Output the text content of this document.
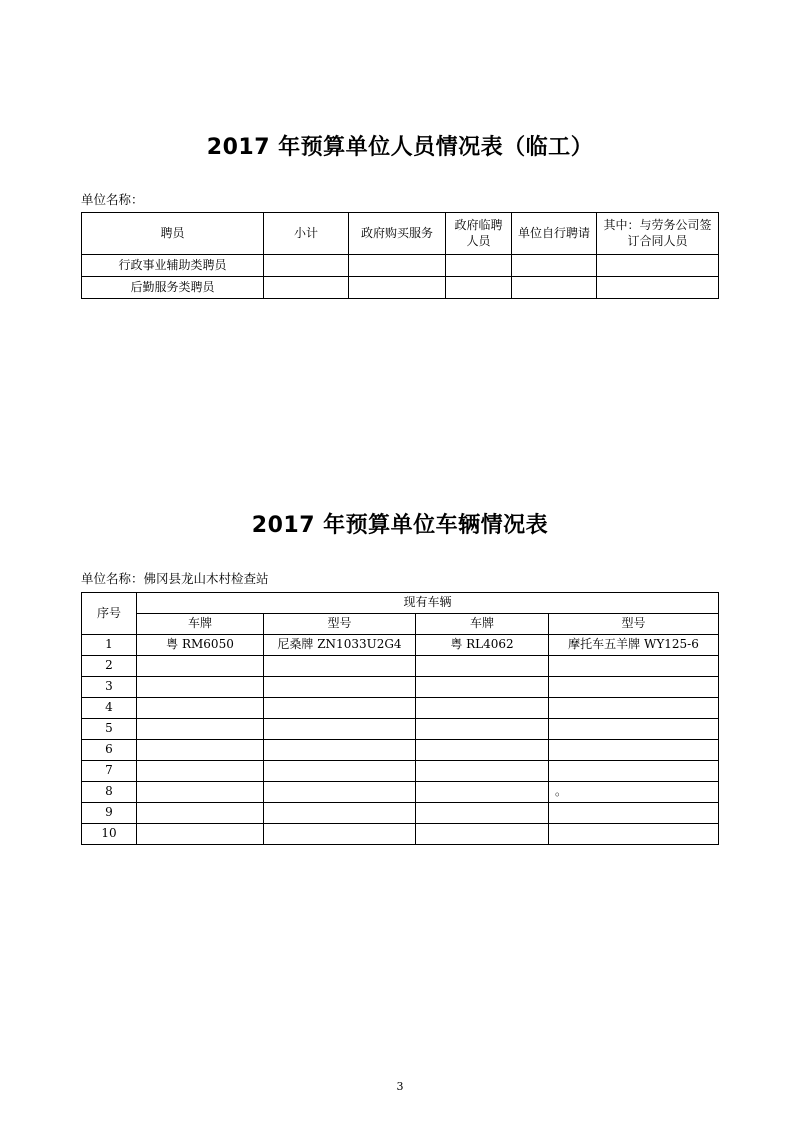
2017 年预算单位人员情况表（临工）
单位名称：
聘员	小计	政府购买服务	政府临聘人员	单位自行聘请	其中：与劳务公司签订合同人员
行政事业辅助类聘员					
后勤服务类聘员					
2017 年预算单位车辆情况表
单位名称：佛冈县龙山木村检查站
序号	现有车辆			
	车牌	型号	车牌	型号
1	粤 RM6050	尼桑牌 ZN1033U2G4	粤 RL4062	摩托车五羊牌 WY125-6
2				
3				
4				
5				
6				
7				
8				。
9				
10				
3
